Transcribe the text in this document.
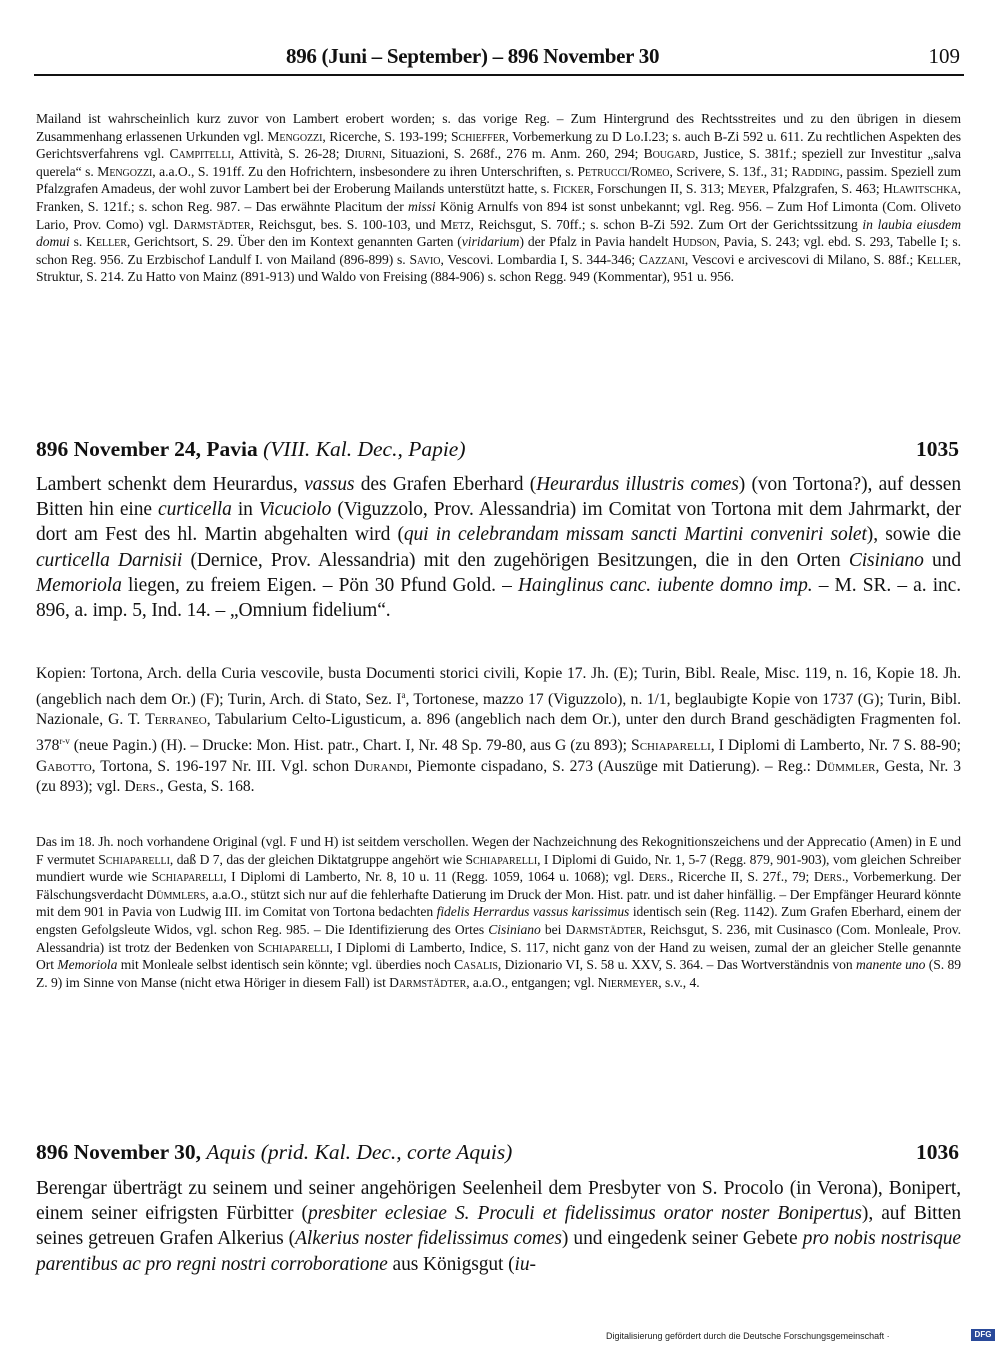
896 (Juni – September) – 896 November 30	109

Mailand ist wahrscheinlich kurz zuvor von Lambert erobert worden; s. das vorige Reg. – Zum Hintergrund des Rechtsstreites und zu den übrigen in diesem Zusammenhang erlassenen Urkunden vgl. Mengozzi, Ricerche, S. 193-199; Schieffer, Vorbemerkung zu D Lo.I.23; s. auch B-Zi 592 u. 611. Zu rechtlichen Aspekten des Gerichtsverfahrens vgl. Campitelli, Attività, S. 26-28; Diurni, Situazioni, S. 268f., 276 m. Anm. 260, 294; Bougard, Justice, S. 381f.; speziell zur Investitur „salva querela“ s. Mengozzi, a.a.O., S. 191ff. Zu den Hofrichtern, insbesondere zu ihren Unterschriften, s. Petrucci/Romeo, Scrivere, S. 13f., 31; Radding, passim. Speziell zum Pfalzgrafen Amadeus, der wohl zuvor Lambert bei der Eroberung Mailands unterstützt hatte, s. Ficker, Forschungen II, S. 313; Meyer, Pfalzgrafen, S. 463; Hlawitschka, Franken, S. 121f.; s. schon Reg. 987. – Das erwähnte Placitum der missi König Arnulfs von 894 ist sonst unbekannt; vgl. Reg. 956. – Zum Hof Limonta (Com. Oliveto Lario, Prov. Como) vgl. Darmstädter, Reichsgut, bes. S. 100-103, und Metz, Reichsgut, S. 70ff.; s. schon B-Zi 592. Zum Ort der Gerichtssitzung in laubia eiusdem domui s. Keller, Gerichtsort, S. 29. Über den im Kontext genannten Garten (viridarium) der Pfalz in Pavia handelt Hudson, Pavia, S. 243; vgl. ebd. S. 293, Tabelle I; s. schon Reg. 956. Zu Erzbischof Landulf I. von Mailand (896-899) s. Savio, Vescovi. Lombardia I, S. 344-346; Cazzani, Vescovi e arcivescovi di Milano, S. 88f.; Keller, Struktur, S. 214. Zu Hatto von Mainz (891-913) und Waldo von Freising (884-906) s. schon Regg. 949 (Kommentar), 951 u. 956.

896 November 24, Pavia (VIII. Kal. Dec., Papie)	1035

Lambert schenkt dem Heurardus, vassus des Grafen Eberhard (Heurardus illustris comes) (von Tortona?), auf dessen Bitten hin eine curticella in Vicuciolo (Viguzzolo, Prov. Alessandria) im Comitat von Tortona mit dem Jahrmarkt, der dort am Fest des hl. Martin abgehalten wird (qui in celebrandam missam sancti Martini conveniri solet), sowie die curticella Darnisii (Dernice, Prov. Alessandria) mit den zugehörigen Besitzungen, die in den Orten Cisiniano und Memoriola liegen, zu freiem Eigen. – Pön 30 Pfund Gold. – Hainglinus canc. iubente domno imp. – M. SR. – a. inc. 896, a. imp. 5, Ind. 14. – „Omnium fidelium“.

Kopien: Tortona, Arch. della Curia vescovile, busta Documenti storici civili, Kopie 17. Jh. (E); Turin, Bibl. Reale, Misc. 119, n. 16, Kopie 18. Jh. (angeblich nach dem Or.) (F); Turin, Arch. di Stato, Sez. $I^a$, Tortonese, mazzo 17 (Viguzzolo), n. 1/1, beglaubigte Kopie von 1737 (G); Turin, Bibl. Nazionale, G. T. Terraneo, Tabularium Celto-Ligusticum, a. 896 (angeblich nach dem Or.), unter den durch Brand geschädigten Fragmenten fol. 378$^{r-v}$ (neue Pagin.) (H). – Drucke: Mon. Hist. patr., Chart. I, Nr. 48 Sp. 79-80, aus G (zu 893); Schiaparelli, I Diplomi di Lamberto, Nr. 7 S. 88-90; Gabotto, Tortona, S. 196-197 Nr. III. Vgl. schon Durandi, Piemonte cispadano, S. 273 (Auszüge mit Datierung). – Reg.: Dümmler, Gesta, Nr. 3 (zu 893); vgl. Ders., Gesta, S. 168.

Das im 18. Jh. noch vorhandene Original (vgl. F und H) ist seitdem verschollen. Wegen der Nachzeichnung des Rekognitionszeichens und der Apprecatio (Amen) in E und F vermutet Schiaparelli, daß D 7, das der gleichen Diktatgruppe angehört wie Schiaparelli, I Diplomi di Guido, Nr. 1, 5-7 (Regg. 879, 901-903), vom gleichen Schreiber mundiert wurde wie Schiaparelli, I Diplomi di Lamberto, Nr. 8, 10 u. 11 (Regg. 1059, 1064 u. 1068); vgl. Ders., Ricerche II, S. 27f., 79; Ders., Vorbemerkung. Der Fälschungsverdacht Dümmlers, a.a.O., stützt sich nur auf die fehlerhafte Datierung im Druck der Mon. Hist. patr. und ist daher hinfällig. – Der Empfänger Heurard könnte mit dem 901 in Pavia von Ludwig III. im Comitat von Tortona bedachten fidelis Herrardus vassus karissimus identisch sein (Reg. 1142). Zum Grafen Eberhard, einem der engsten Gefolgsleute Widos, vgl. schon Reg. 985. – Die Identifizierung des Ortes Cisiniano bei Darmstädter, Reichsgut, S. 236, mit Cusinasco (Com. Monleale, Prov. Alessandria) ist trotz der Bedenken von Schiaparelli, I Diplomi di Lamberto, Indice, S. 117, nicht ganz von der Hand zu weisen, zumal der an gleicher Stelle genannte Ort Memoriola mit Monleale selbst identisch sein könnte; vgl. überdies noch Casalis, Dizionario VI, S. 58 u. XXV, S. 364. – Das Wortverständnis von manente uno (S. 89 Z. 9) im Sinne von Manse (nicht etwa Höriger in diesem Fall) ist Darmstädter, a.a.O., entgangen; vgl. Niermeyer, s.v., 4.

896 November 30, Aquis (prid. Kal. Dec., corte Aquis)	1036

Berengar überträgt zu seinem und seiner angehörigen Seelenheil dem Presbyter von S. Procolo (in Verona), Bonipert, einem seiner eifrigsten Fürbitter (presbiter eclesiae S. Proculi et fidelissimus orator noster Bonipertus), auf Bitten seines getreuen Grafen Alkerius (Alkerius noster fidelissimus comes) und eingedenk seiner Gebete pro nobis nostrisque parentibus ac pro regni nostri corroboratione aus Königsgut (iu-

Digitalisierung gefördert durch die Deutsche Forschungsgemeinschaft ·	DFG
